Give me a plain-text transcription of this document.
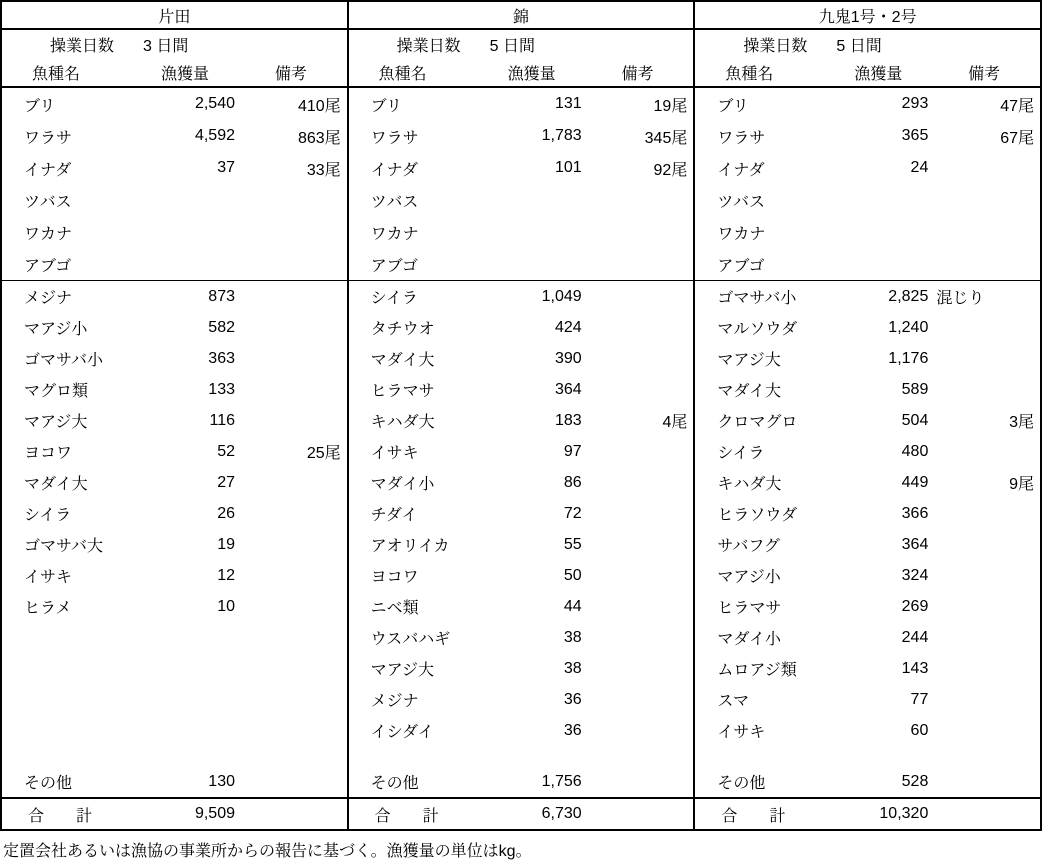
片田
操業日数	3 日間
魚種名	漁獲量	備考
ブリ	2,540	410尾
ワラサ	4,592	863尾
イナダ	37	33尾
ツバス
ワカナ
アブゴ
メジナ	873
マアジ小	582
ゴマサバ小	363
マグロ類	133
マアジ大	116
ヨコワ	52	25尾
マダイ大	27
シイラ	26
ゴマサバ大	19
イサキ	12
ヒラメ	10
その他	130
合　　計	9,509
錦
操業日数	5 日間
魚種名	漁獲量	備考
ブリ	131	19尾
ワラサ	1,783	345尾
イナダ	101	92尾
ツバス
ワカナ
アブゴ
シイラ	1,049
タチウオ	424
マダイ大	390
ヒラマサ	364
キハダ大	183	4尾
イサキ	97
マダイ小	86
チダイ	72
アオリイカ	55
ヨコワ	50
ニベ類	44
ウスバハギ	38
マアジ大	38
メジナ	36
イシダイ	36
その他	1,756
合　　計	6,730
九鬼1号・2号
操業日数	5 日間
魚種名	漁獲量	備考
ブリ	293	47尾
ワラサ	365	67尾
イナダ	24
ツバス
ワカナ
アブゴ
ゴマサバ小	2,825 混じり
マルソウダ	1,240
マアジ大	1,176
マダイ大	589
クロマグロ	504	3尾
シイラ	480
キハダ大	449	9尾
ヒラソウダ	366
サバフグ	364
マアジ小	324
ヒラマサ	269
マダイ小	244
ムロアジ類	143
スマ	77
イサキ	60
その他	528
合　　計	10,320
定置会社あるいは漁協の事業所からの報告に基づく。漁獲量の単位はkg。
